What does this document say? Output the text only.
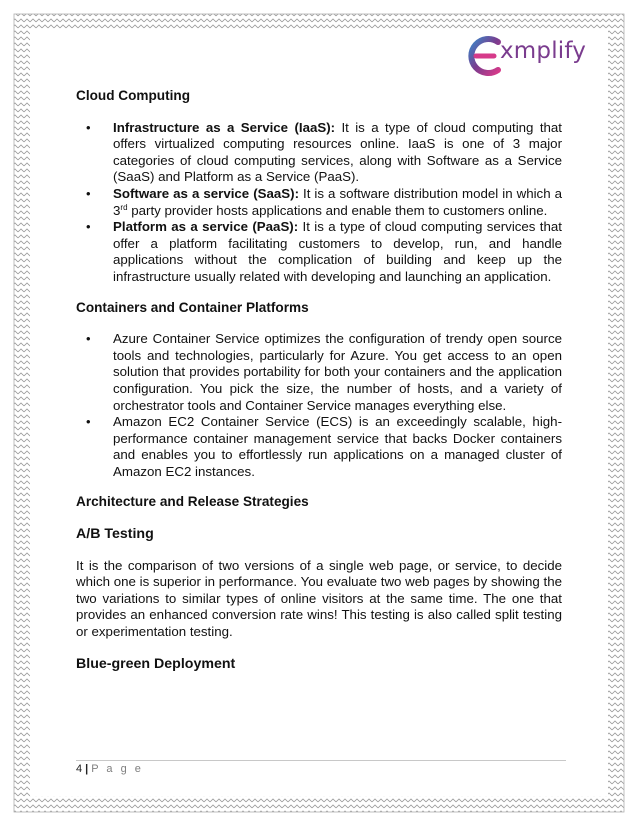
xmplify
Cloud Computing
• Infrastructure as a Service (IaaS): It is a type of cloud computing that offers virtualized computing resources online. IaaS is one of 3 major categories of cloud computing services, along with Software as a Service (SaaS) and Platform as a Service (PaaS).
• Software as a service (SaaS): It is a software distribution model in which a 3rd party provider hosts applications and enable them to customers online.
• Platform as a service (PaaS): It is a type of cloud computing services that offer a platform facilitating customers to develop, run, and handle applications without the complication of building and keep up the infrastructure usually related with developing and launching an application.
Containers and Container Platforms
• Azure Container Service optimizes the configuration of trendy open source tools and technologies, particularly for Azure. You get access to an open solution that provides portability for both your containers and the application configuration. You pick the size, the number of hosts, and a variety of orchestrator tools and Container Service manages everything else.
• Amazon EC2 Container Service (ECS) is an exceedingly scalable, high-performance container management service that backs Docker containers and enables you to effortlessly run applications on a managed cluster of Amazon EC2 instances.
Architecture and Release Strategies
A/B Testing

It is the comparison of two versions of a single web page, or service, to decide which one is superior in performance. You evaluate two web pages by showing the two variations to similar types of online visitors at the same time. The one that provides an enhanced conversion rate wins! This testing is also called split testing or experimentation testing.

Blue-green Deployment
4 | P a g e
